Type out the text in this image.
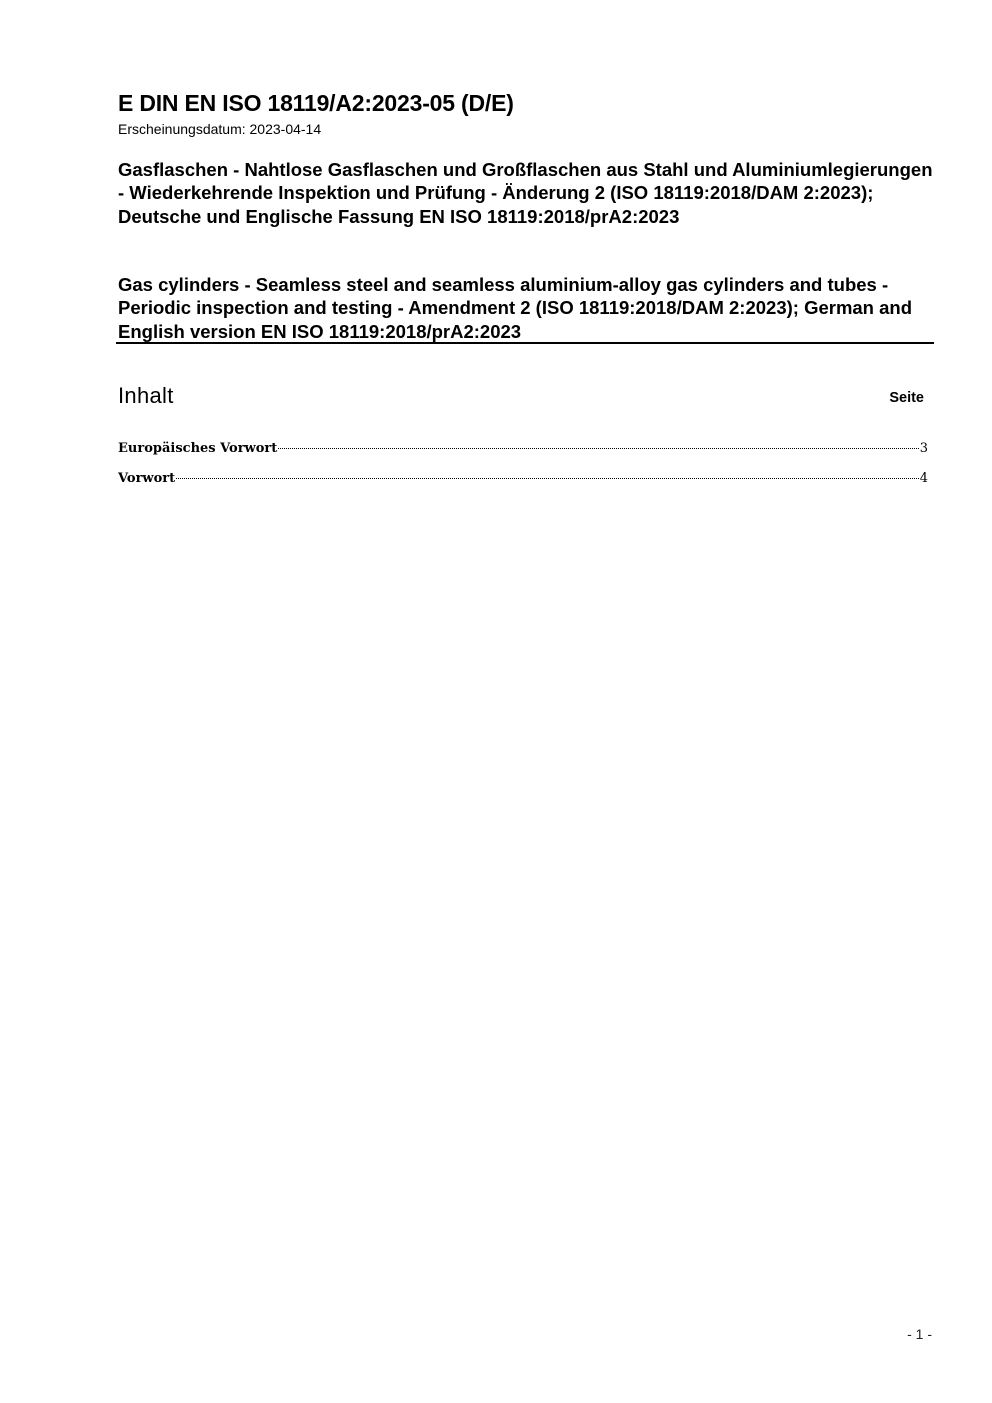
E DIN EN ISO 18119/A2:2023-05 (D/E)
Erscheinungsdatum: 2023-04-14
Gasflaschen - Nahtlose Gasflaschen und Großflaschen aus Stahl und Aluminiumlegierungen - Wiederkehrende Inspektion und Prüfung - Änderung 2 (ISO 18119:2018/DAM 2:2023); Deutsche und Englische Fassung EN ISO 18119:2018/prA2:2023
Gas cylinders - Seamless steel and seamless aluminium-alloy gas cylinders and tubes - Periodic inspection and testing - Amendment 2 (ISO 18119:2018/DAM 2:2023); German and English version EN ISO 18119:2018/prA2:2023
Inhalt	Seite
Europäisches Vorwort	3
Vorwort	4
- 1 -
